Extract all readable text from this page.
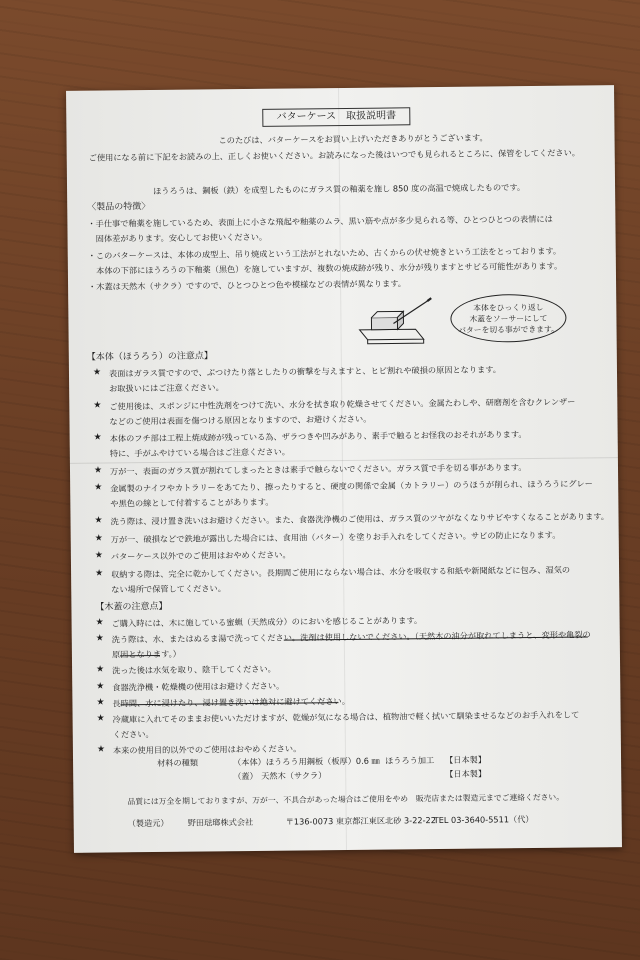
バターケース　取扱説明書
このたびは、バターケースをお買い上げいただきありがとうございます。
ご使用になる前に下記をお読みの上、正しくお使いください。お読みになった後はいつでも見られるところに、保管をしてください。
ほうろうは、鋼板（鉄）を成型したものにガラス質の釉薬を施し 850 度の高温で焼成したものです。
〈製品の特徴〉
・手仕事で釉薬を施しているため、表面上に小さな飛起や釉薬のムラ、黒い筋や点が多少見られる等、ひとつひとつの表情には
　固体差があります。安心してお使いください。
・このバターケースは、本体の成型上、吊り焼成という工法がとれないため、古くからの伏せ焼きという工法をとっております。
　本体の下部にほうろうの下釉薬（黒色）を施していますが、複数の焼成跡が残り、水分が残りますとサビる可能性があります。
・木蓋は天然木（サクラ）ですので、ひとつひとつ色や模様などの表情が異なります。
本体をひっくり返し
木蓋をソーサーにして
バターを切る事ができます。
【本体（ほうろう）の注意点】
★ 表面はガラス質ですので、ぶつけたり落としたりの衝撃を与えますと、ヒビ割れや破損の原因となります。
お取扱いにはご注意ください。
★ ご使用後は、スポンジに中性洗剤をつけて洗い、水分を拭き取り乾燥させてください。金属たわしや、研磨剤を含むクレンザー
などのご使用は表面を傷つける原因となりますので、お避けください。
★ 本体のフチ部は工程上焼成跡が残っている為、ザラつきや凹みがあり、素手で触るとお怪我のおそれがあります。
特に、手がふやけている場合はご注意ください。
★ 万が一、表面のガラス質が割れてしまったときは素手で触らないでください。ガラス質で手を切る事があります。
★ 金属製のナイフやカトラリーをあてたり、擦ったりすると、硬度の関係で金属（カトラリー）のうほうが削られ、ほうろうにグレー
や黒色の線として付着することがあります。
★ 洗う際は、浸け置き洗いはお避けください。また、食器洗浄機のご使用は、ガラス質のツヤがなくなりサビやすくなることがあります。
★ 万が一、破損などで鉄地が露出した場合には、食用油（バター）を塗りお手入れをしてください。サビの防止になります。
★ バターケース以外でのご使用はおやめください。
★ 収納する際は、完全に乾かしてください。長期間ご使用にならない場合は、水分を吸収する和紙や新聞紙などに包み、湿気の
ない場所で保管してください。
【木蓋の注意点】
★ ご購入時には、木に施している蜜蝋（天然成分）のにおいを感じることがあります。
★ 洗う際は、水、またはぬるま湯で洗ってください。洗剤は使用しないでください。（天然木の油分が取れてしまうと、変形や亀裂の
原因となります。）
★ 洗った後は水気を取り、陰干してください。
★ 食器洗浄機・乾燥機の使用はお避けください。
★ 長時間、水に浸けたり、浸け置き洗いは絶対に避けてください。
★ 冷蔵庫に入れてそのままお使いいただけますが、乾燥が気になる場合は、植物油で軽く拭いて馴染ませるなどのお手入れをして
ください。
★ 本来の使用目的以外でのご使用はおやめください。
材料の種類	（本体）ほうろう用鋼板（板厚）0.6 ㎜ ほうろう加工 【日本製】
（蓋） 天然木（サクラ）	【日本製】
品質には万全を期しておりますが、万が一、不具合があった場合はご使用をやめ　販売店または製造元までご連絡ください。
（製造元） 野田琺瑯株式会社	〒136-0073 東京都江東区北砂 3-22-22
TEL 03-3640-5511（代）
